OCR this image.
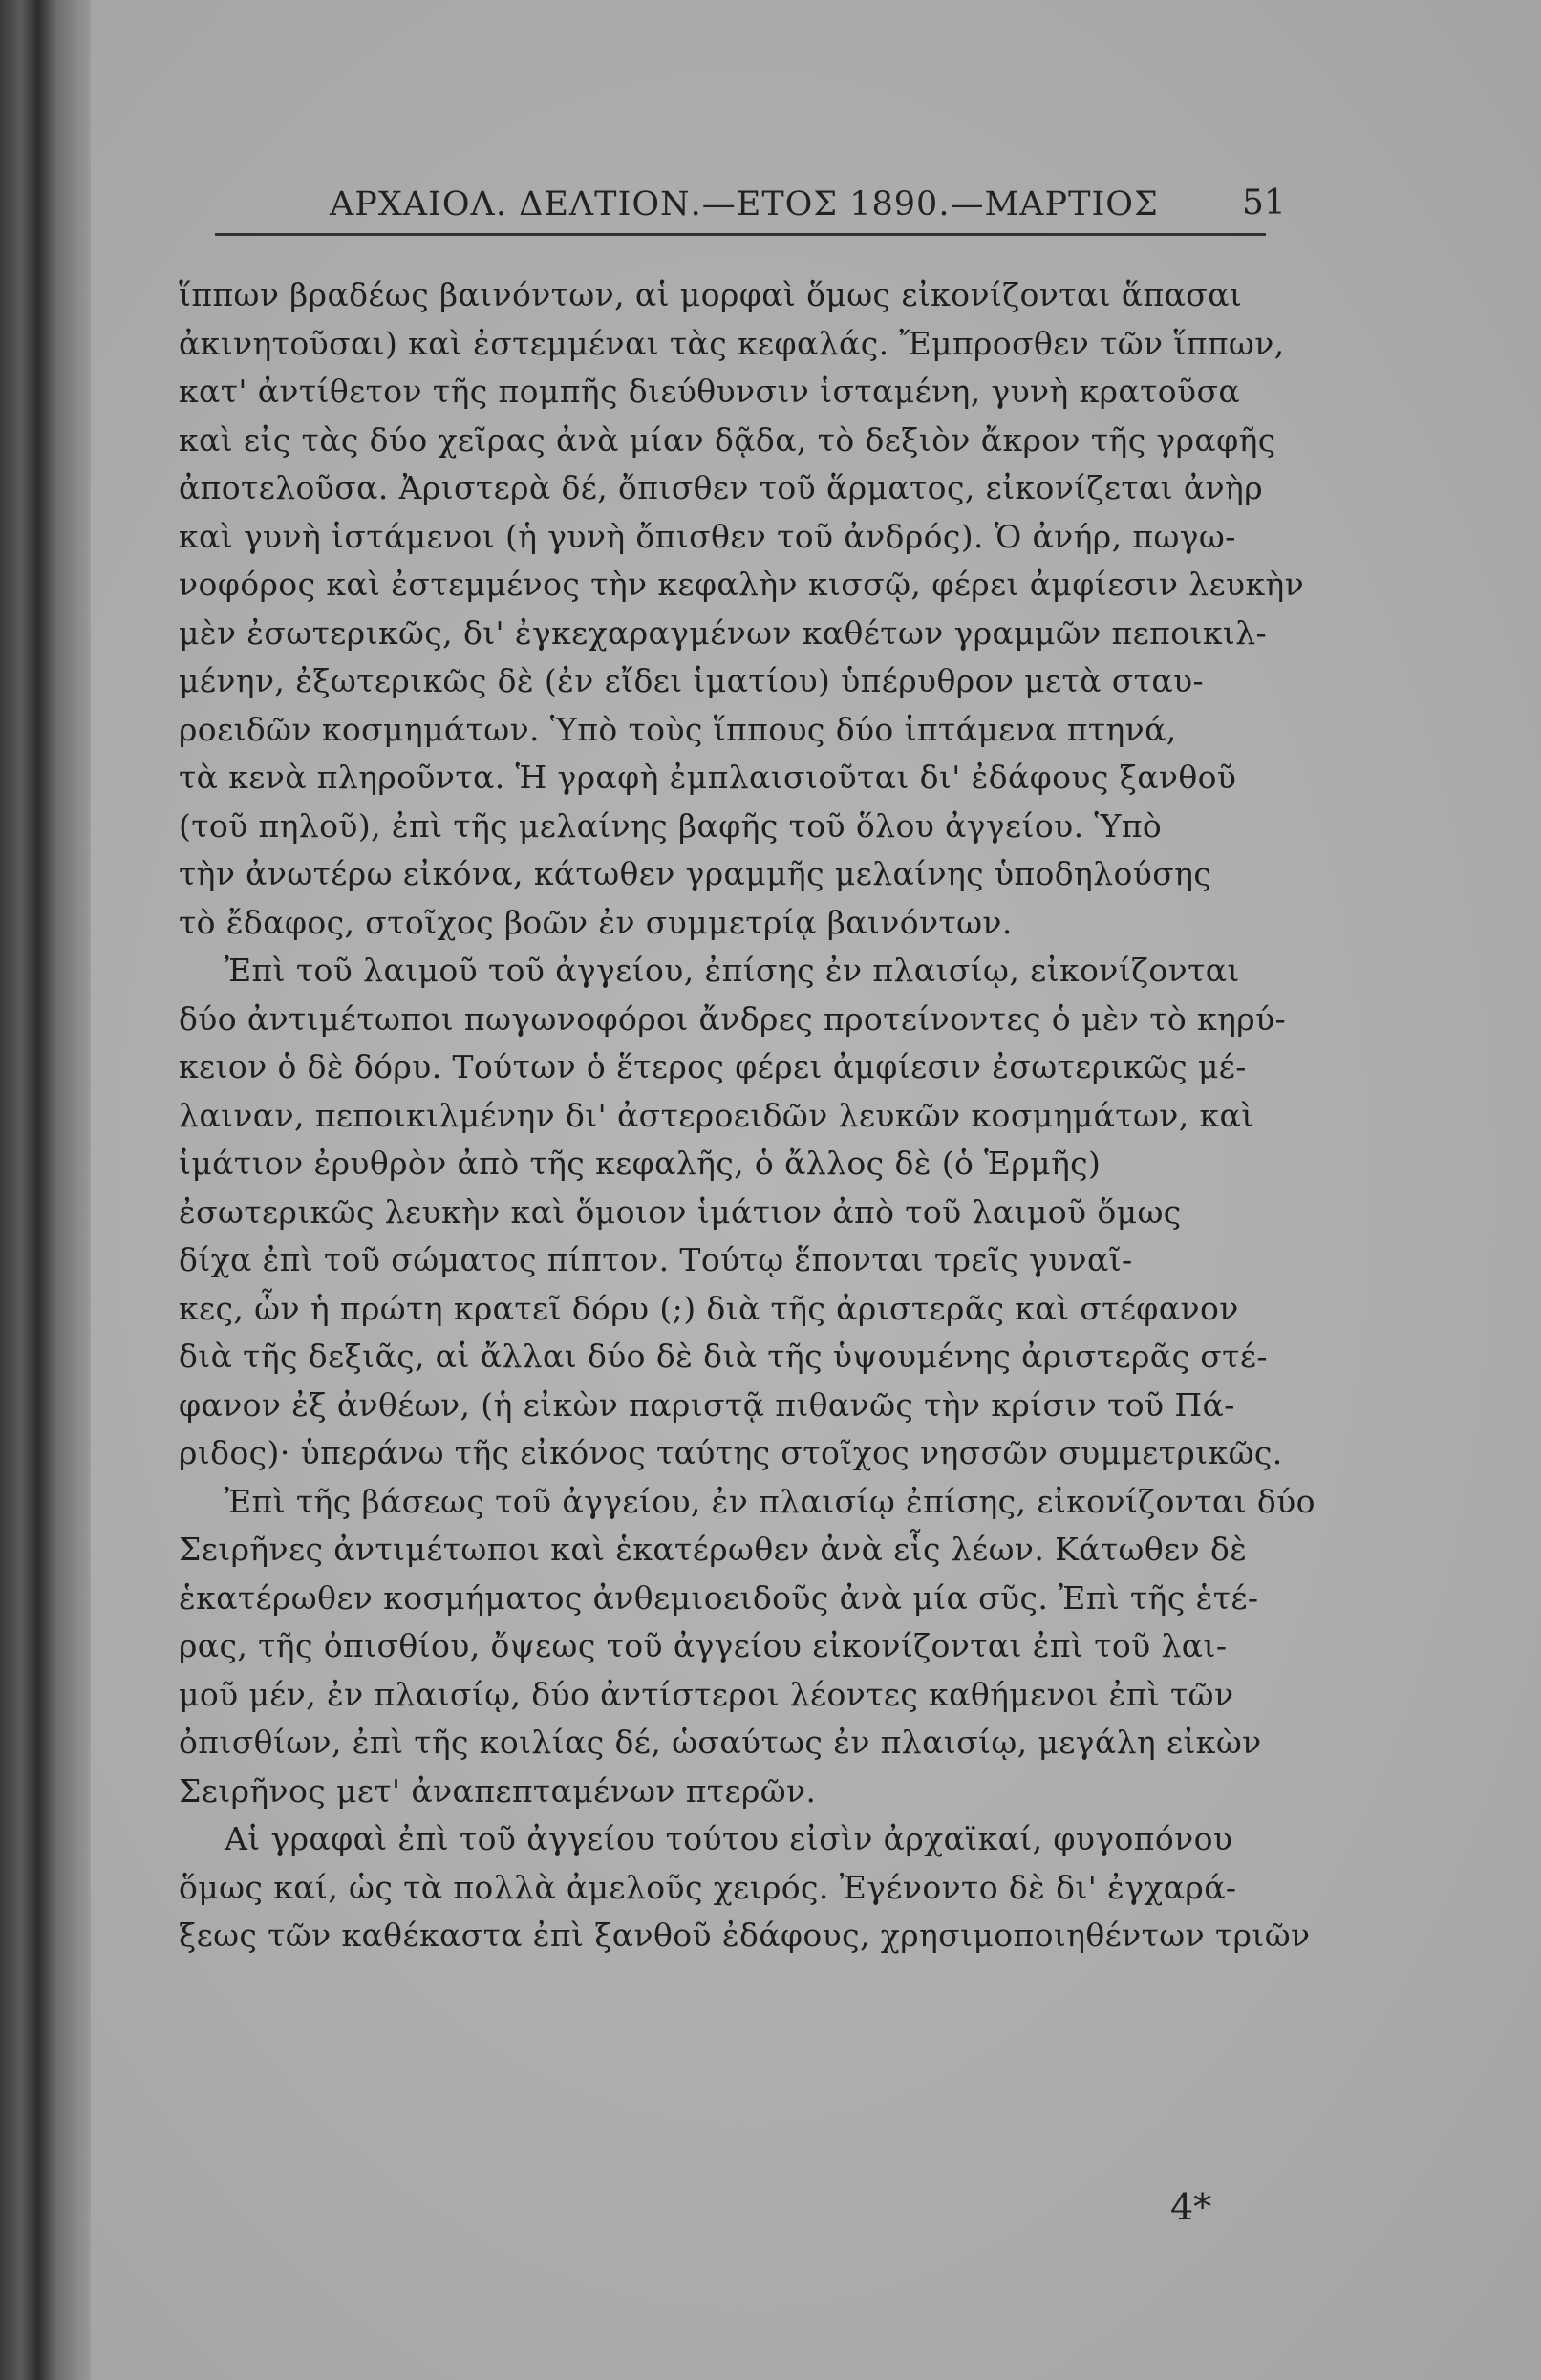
ΑΡΧΑΙΟΛ. ΔΕΛΤΙΟΝ.—ΕΤΟΣ 1890.—ΜΑΡΤΙΟΣ 51
ἵππων βραδέως βαινόντων, αἱ μορφαὶ ὅμως εἰκονίζονται ἅπασαι
ἀκινητοῦσαι) καὶ ἐστεμμέναι τὰς κεφαλάς. Ἔμπροσθεν τῶν ἵππων,
κατ' ἀντίθετον τῆς πομπῆς διεύθυνσιν ἱσταμένη, γυνὴ κρατοῦσα
καὶ εἰς τὰς δύο χεῖρας ἀνὰ μίαν δᾷδα, τὸ δεξιὸν ἄκρον τῆς γραφῆς
ἀποτελοῦσα. Ἀριστερὰ δέ, ὄπισθεν τοῦ ἅρματος, εἰκονίζεται ἀνὴρ
καὶ γυνὴ ἱστάμενοι (ἡ γυνὴ ὄπισθεν τοῦ ἀνδρός). Ὁ ἀνήρ, πωγω-
νοφόρος καὶ ἐστεμμένος τὴν κεφαλὴν κισσῷ, φέρει ἀμφίεσιν λευκὴν
μὲν ἐσωτερικῶς, δι' ἐγκεχαραγμένων καθέτων γραμμῶν πεποικιλ-
μένην, ἐξωτερικῶς δὲ (ἐν εἴδει ἱματίου) ὑπέρυθρον μετὰ σταυ-
ροειδῶν κοσμημάτων. Ὑπὸ τοὺς ἵππους δύο ἱπτάμενα πτηνά,
τὰ κενὰ πληροῦντα. Ἡ γραφὴ ἐμπλαισιοῦται δι' ἐδάφους ξανθοῦ
(τοῦ πηλοῦ), ἐπὶ τῆς μελαίνης βαφῆς τοῦ ὅλου ἀγγείου. Ὑπὸ
τὴν ἀνωτέρω εἰκόνα, κάτωθεν γραμμῆς μελαίνης ὑποδηλούσης
τὸ ἔδαφος, στοῖχος βοῶν ἐν συμμετρίᾳ βαινόντων.
Ἐπὶ τοῦ λαιμοῦ τοῦ ἀγγείου, ἐπίσης ἐν πλαισίῳ, εἰκονίζονται
δύο ἀντιμέτωποι πωγωνοφόροι ἄνδρες προτείνοντες ὁ μὲν τὸ κηρύ-
κειον ὁ δὲ δόρυ. Τούτων ὁ ἕτερος φέρει ἀμφίεσιν ἐσωτερικῶς μέ-
λαιναν, πεποικιλμένην δι' ἀστεροειδῶν λευκῶν κοσμημάτων, καὶ
ἱμάτιον ἐρυθρὸν ἀπὸ τῆς κεφαλῆς, ὁ ἄλλος δὲ (ὁ Ἑρμῆς)
ἐσωτερικῶς λευκὴν καὶ ὅμοιον ἱμάτιον ἀπὸ τοῦ λαιμοῦ ὅμως
δίχα ἐπὶ τοῦ σώματος πίπτον. Τούτῳ ἕπονται τρεῖς γυναῖ-
κες, ὧν ἡ πρώτη κρατεῖ δόρυ (;) διὰ τῆς ἀριστερᾶς καὶ στέφανον
διὰ τῆς δεξιᾶς, αἱ ἄλλαι δύο δὲ διὰ τῆς ὑψουμένης ἀριστερᾶς στέ-
φανον ἐξ ἀνθέων, (ἡ εἰκὼν παριστᾷ πιθανῶς τὴν κρίσιν τοῦ Πά-
ριδος)· ὑπεράνω τῆς εἰκόνος ταύτης στοῖχος νησσῶν συμμετρικῶς.
Ἐπὶ τῆς βάσεως τοῦ ἀγγείου, ἐν πλαισίῳ ἐπίσης, εἰκονίζονται δύο
Σειρῆνες ἀντιμέτωποι καὶ ἑκατέρωθεν ἀνὰ εἷς λέων. Κάτωθεν δὲ
ἑκατέρωθεν κοσμήματος ἀνθεμιοειδοῦς ἀνὰ μία σῦς. Ἐπὶ τῆς ἑτέ-
ρας, τῆς ὀπισθίου, ὄψεως τοῦ ἀγγείου εἰκονίζονται ἐπὶ τοῦ λαι-
μοῦ μέν, ἐν πλαισίῳ, δύο ἀντίστεροι λέοντες καθήμενοι ἐπὶ τῶν
ὀπισθίων, ἐπὶ τῆς κοιλίας δέ, ὡσαύτως ἐν πλαισίῳ, μεγάλη εἰκὼν
Σειρῆνος μετ' ἀναπεπταμένων πτερῶν.
Αἱ γραφαὶ ἐπὶ τοῦ ἀγγείου τούτου εἰσὶν ἀρχαϊκαί, φυγοπόνου
ὅμως καί, ὡς τὰ πολλὰ ἀμελοῦς χειρός. Ἐγένοντο δὲ δι' ἐγχαρά-
ξεως τῶν καθέκαστα ἐπὶ ξανθοῦ ἐδάφους, χρησιμοποιηθέντων τριῶν
4*
